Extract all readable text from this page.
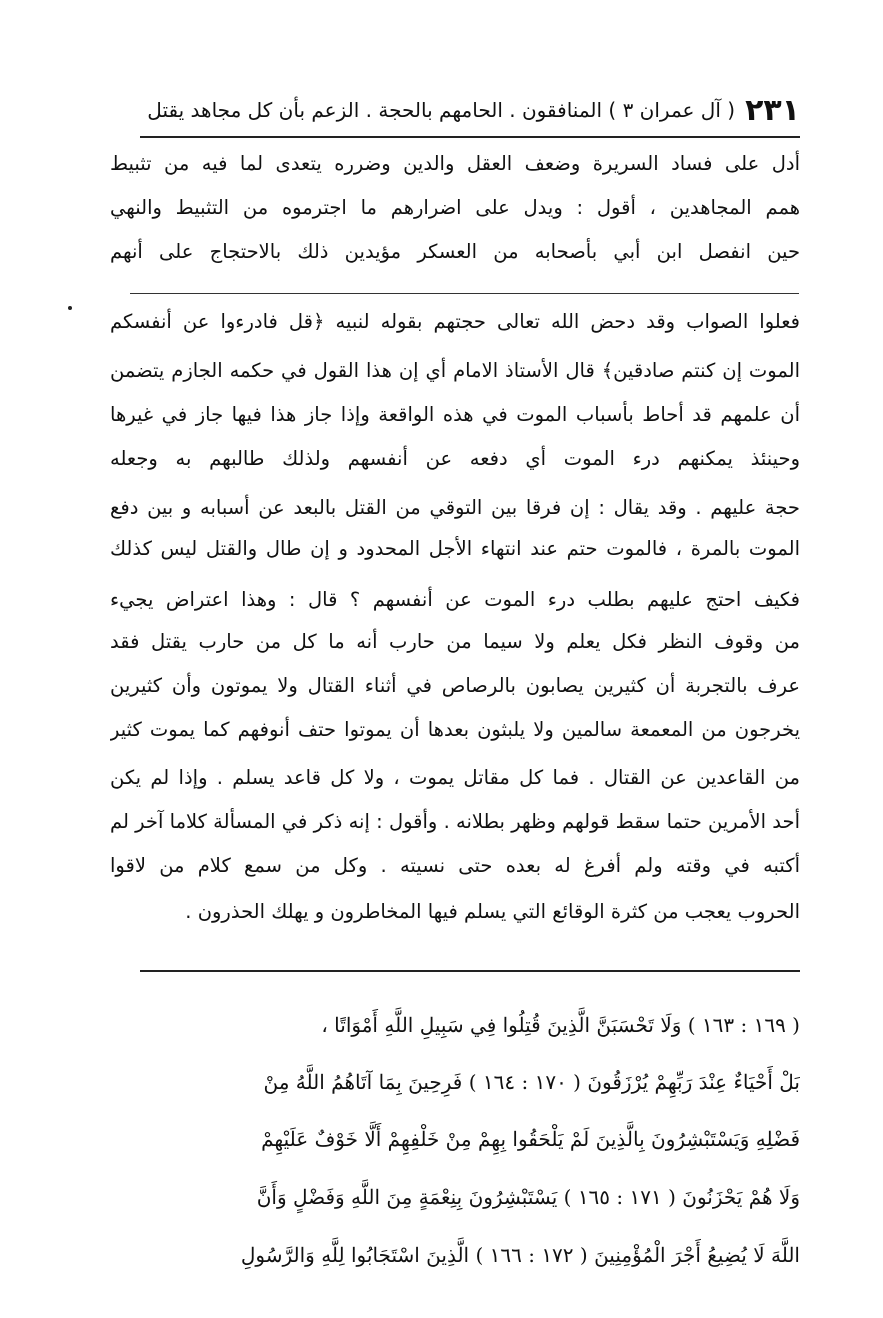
٢٣١
( آل عمران ٣ ) المنافقون . الحامهم بالحجة . الزعم بأن كل مجاهد يقتل
أدل على فساد السريرة وضعف العقل والدين وضرره يتعدى لما فيه من تثبيط
همم المجاهدين ، أقول : ويدل على اضرارهم ما اجترموه من التثبيط والنهي
حين انفصل ابن أبي بأصحابه من العسكر مؤيدين ذلك بالاحتجاج على أنهم
فعلوا الصواب وقد دحض الله تعالى حجتهم بقوله لنبيه ﴿قل فادرءوا عن أنفسكم
الموت إن كنتم صادقين﴾ قال الأستاذ الامام أي إن هذا القول في حكمه الجازم يتضمن
أن علمهم قد أحاط بأسباب الموت في هذه الواقعة وإذا جاز هذا فيها جاز في غيرها
وحينئذ يمكنهم درء الموت أي دفعه عن أنفسهم ولذلك طالبهم به وجعله
حجة عليهم . وقد يقال : إن فرقا بين التوقي من القتل بالبعد عن أسبابه و بين دفع
الموت بالمرة ، فالموت حتم عند انتهاء الأجل المحدود و إن طال والقتل ليس كذلك
فكيف احتج عليهم بطلب درء الموت عن أنفسهم ؟ قال : وهذا اعتراض يجيء
من وقوف النظر فكل يعلم ولا سيما من حارب أنه ما كل من حارب يقتل فقد
عرف بالتجربة أن كثيرين يصابون بالرصاص في أثناء القتال ولا يموتون وأن كثيرين
يخرجون من المعمعة سالمين ولا يلبثون بعدها أن يموتوا حتف أنوفهم كما يموت كثير
من القاعدين عن القتال . فما كل مقاتل يموت ، ولا كل قاعد يسلم . وإذا لم يكن
أحد الأمرين حتما سقط قولهم وظهر بطلانه . وأقول : إنه ذكر في المسألة كلاما آخر لم
أكتبه في وقته ولم أفرغ له بعده حتى نسيته . وكل من سمع كلام من لاقوا
الحروب يعجب من كثرة الوقائع التي يسلم فيها المخاطرون و يهلك الحذرون .
( ١٦٩ : ١٦٣ ) وَلَا تَحْسَبَنَّ الَّذِينَ قُتِلُوا فِي سَبِيلِ اللَّهِ أَمْوَاتًا ،
بَلْ أَحْيَاءٌ عِنْدَ رَبِّهِمْ يُرْزَقُونَ ( ١٧٠ : ١٦٤ ) فَرِحِينَ بِمَا آتَاهُمُ اللَّهُ مِنْ
فَضْلِهِ وَيَسْتَبْشِرُونَ بِالَّذِينَ لَمْ يَلْحَقُوا بِهِمْ مِنْ خَلْفِهِمْ أَلَّا خَوْفٌ عَلَيْهِمْ
وَلَا هُمْ يَحْزَنُونَ ( ١٧١ : ١٦٥ ) يَسْتَبْشِرُونَ بِنِعْمَةٍ مِنَ اللَّهِ وَفَضْلٍ وَأَنَّ
اللَّهَ لَا يُضِيعُ أَجْرَ الْمُؤْمِنِينَ ( ١٧٢ : ١٦٦ ) الَّذِينَ اسْتَجَابُوا لِلَّهِ وَالرَّسُولِ
